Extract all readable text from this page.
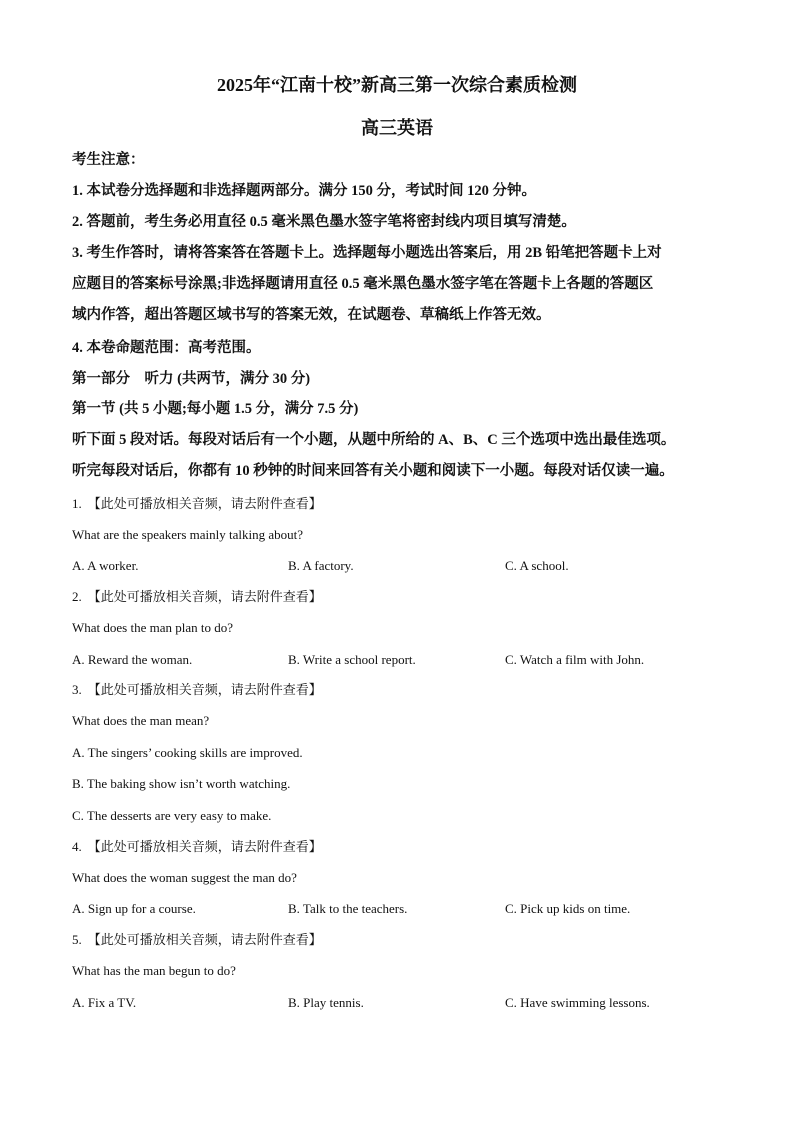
2025年“江南十校”新高三第一次综合素质检测
高三英语
考生注意：
1. 本试卷分选择题和非选择题两部分。满分 150 分，考试时间 120 分钟。
2. 答题前，考生务必用直径 0.5 毫米黑色墨水签字笔将密封线内项目填写清楚。
3. 考生作答时，请将答案答在答题卡上。选择题每小题选出答案后，用 2B 铅笔把答题卡上对
应题目的答案标号涂黑;非选择题请用直径 0.5 毫米黑色墨水签字笔在答题卡上各题的答题区
域内作答，超出答题区域书写的答案无效，在试题卷、草稿纸上作答无效。
4. 本卷命题范围：高考范围。
第一部分　听力 (共两节，满分 30 分)
第一节 (共 5 小题;每小题 1.5 分，满分 7.5 分)
听下面 5 段对话。每段对话后有一个小题，从题中所给的 A、B、C 三个选项中选出最佳选项。
听完每段对话后，你都有 10 秒钟的时间来回答有关小题和阅读下一小题。每段对话仅读一遍。
1. 【此处可播放相关音频，请去附件查看】
What are the speakers mainly talking about?
A. A worker.	B. A factory.	C. A school.
2. 【此处可播放相关音频，请去附件查看】
What does the man plan to do?
A. Reward the woman.	B. Write a school report.	C. Watch a film with John.
3. 【此处可播放相关音频，请去附件查看】
What does the man mean?
A. The singers’ cooking skills are improved.
B. The baking show isn’t worth watching.
C. The desserts are very easy to make.
4. 【此处可播放相关音频，请去附件查看】
What does the woman suggest the man do?
A. Sign up for a course.	B. Talk to the teachers.	C. Pick up kids on time.
5. 【此处可播放相关音频，请去附件查看】
What has the man begun to do?
A. Fix a TV.	B. Play tennis.	C. Have swimming lessons.
